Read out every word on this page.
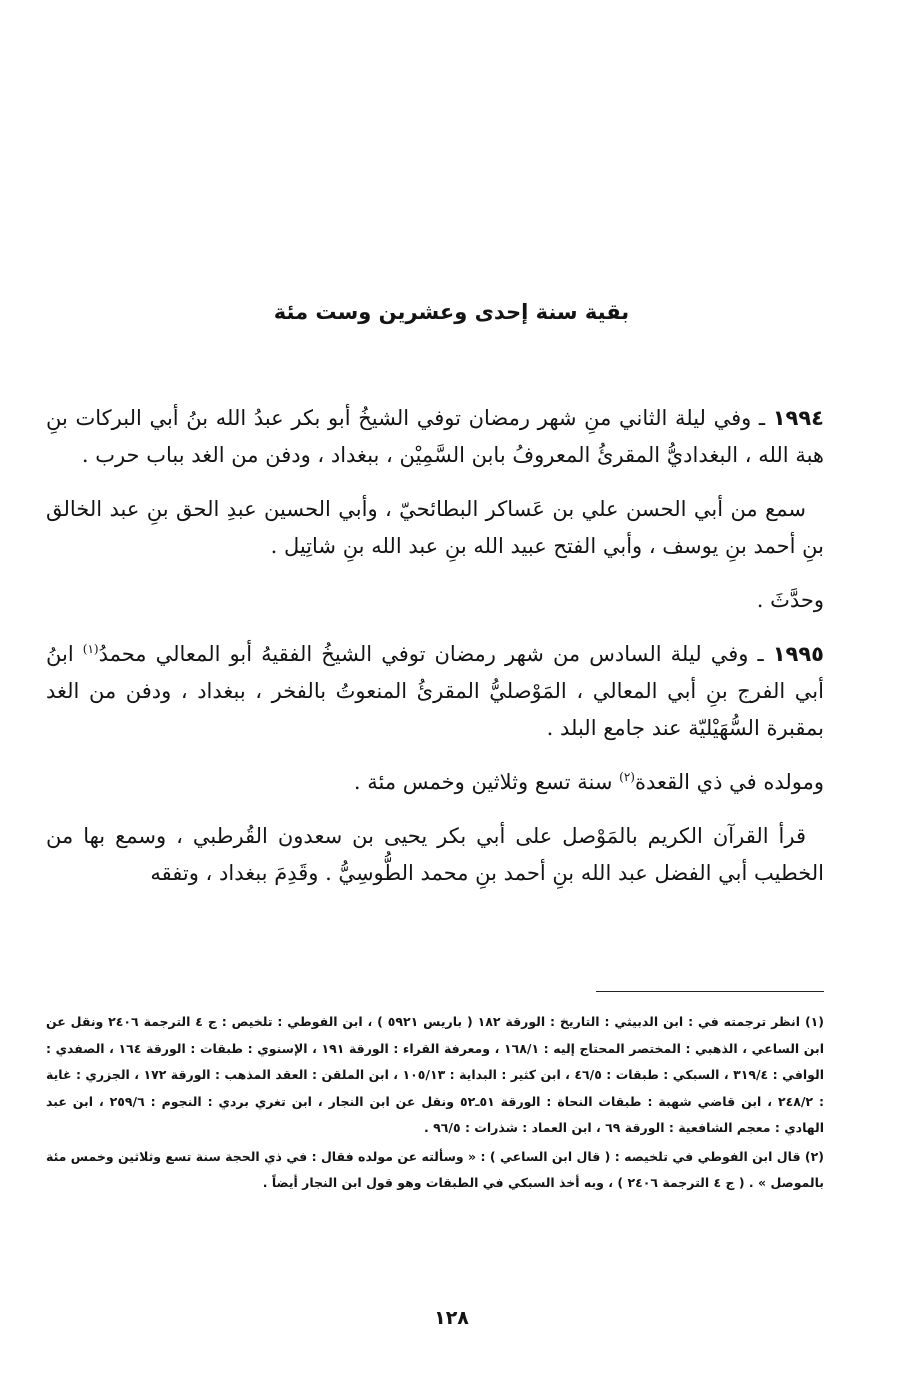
بقية سنة إحدى وعشرين وست مئة

١٩٩٤ ـ وفي ليلة الثاني منِ شهر رمضان توفي الشيخُ أبو بكر عبدُ الله بنُ أبي البركات بنِ هبة الله ، البغداديُّ المقرئُ المعروفُ بابن السَّمِيْن ، ببغداد ، ودفن من الغد بباب حرب .

سمع من أبي الحسن علي بن عَساكر البطائحيّ ، وأبي الحسين عبدِ الحق بنِ عبد الخالق بنِ أحمد بنِ يوسف ، وأبي الفتح عبيد الله بنِ عبد الله بنِ شاتِيل .

وحدَّثَ .

١٩٩٥ ـ وفي ليلة السادس من شهر رمضان توفي الشيخُ الفقيهُ أبو المعالي محمدُ$^{(١)}$ ابنُ أبي الفرج بنِ أبي المعالي ، المَوْصليُّ المقرئُ المنعوتُ بالفخر ، ببغداد ، ودفن من الغد بمقبرة السُّهَيْليّة عند جامع البلد .

ومولده في ذي القعدة$^{(٢)}$ سنة تسع وثلاثين وخمس مئة .

قرأ القرآن الكريم بالمَوْصل على أبي بكر يحيى بن سعدون القُرطبي ، وسمع بها من الخطيب أبي الفضل عبد الله بنِ أحمد بنِ محمد الطُّوسِيُّ . وقَدِمَ ببغداد ، وتفقه

(١) انظر ترجمته في : ابن الدبيثي : التاريخ : الورقة ١٨٢ ( باريس ٥٩٢١ ) ، ابن الفوطي : تلخيص : ج ٤ الترجمة ٢٤٠٦ ونقل عن ابن الساعي ، الذهبي : المختصر المحتاج إليه : ١٦٨/١ ، ومعرفة القراء : الورقة ١٩١ ، الإسنوي : طبقات : الورقة ١٦٤ ، الصفدي : الوافي : ٣١٩/٤ ، السبكي : طبقات : ٤٦/٥ ، ابن كثير : البداية : ١٠٥/١٣ ، ابن الملقن : العقد المذهب : الورقة ١٧٢ ، الجزري : غاية : ٢٤٨/٢ ، ابن قاضي شهبة : طبقات النحاة : الورقة ٥١ـ٥٢ ونقل عن ابن النجار ، ابن تغري بردي : النجوم : ٢٥٩/٦ ، ابن عبد الهادي : معجم الشافعية : الورقة ٦٩ ، ابن العماد : شذرات : ٩٦/٥ .

(٢) قال ابن الفوطي في تلخيصه : ( قال ابن الساعي ) : « وسألته عن مولده فقال : في ذي الحجة سنة تسع وثلاثين وخمس مئة بالموصل » . ( ج ٤ الترجمة ٢٤٠٦ ) ، وبه أخذ السبكي في الطبقات وهو قول ابن النجار أيضاً .

١٢٨
